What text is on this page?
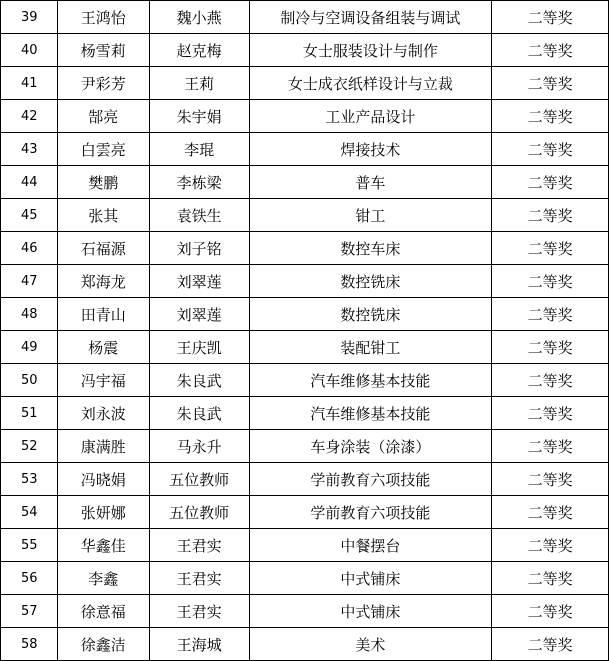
39	王鸿怡	魏小燕	制冷与空调设备组装与调试	二等奖
40	杨雪莉	赵克梅	女士服装设计与制作	二等奖
41	尹彩芳	王莉	女士成衣纸样设计与立裁	二等奖
42	郜亮	朱宇娟	工业产品设计	二等奖
43	白雲亮	李琨	焊接技术	二等奖
44	樊鹏	李栋梁	普车	二等奖
45	张其	袁铁生	钳工	二等奖
46	石福源	刘子铭	数控车床	二等奖
47	郑海龙	刘翠莲	数控铣床	二等奖
48	田青山	刘翠莲	数控铣床	二等奖
49	杨震	王庆凯	装配钳工	二等奖
50	冯宇福	朱良武	汽车维修基本技能	二等奖
51	刘永波	朱良武	汽车维修基本技能	二等奖
52	康满胜	马永升	车身涂装（涂漆）	二等奖
53	冯晓娟	五位教师	学前教育六项技能	二等奖
54	张妍娜	五位教师	学前教育六项技能	二等奖
55	华鑫佳	王君实	中餐摆台	二等奖
56	李鑫	王君实	中式铺床	二等奖
57	徐意福	王君实	中式铺床	二等奖
58	徐鑫洁	王海城	美术	二等奖
